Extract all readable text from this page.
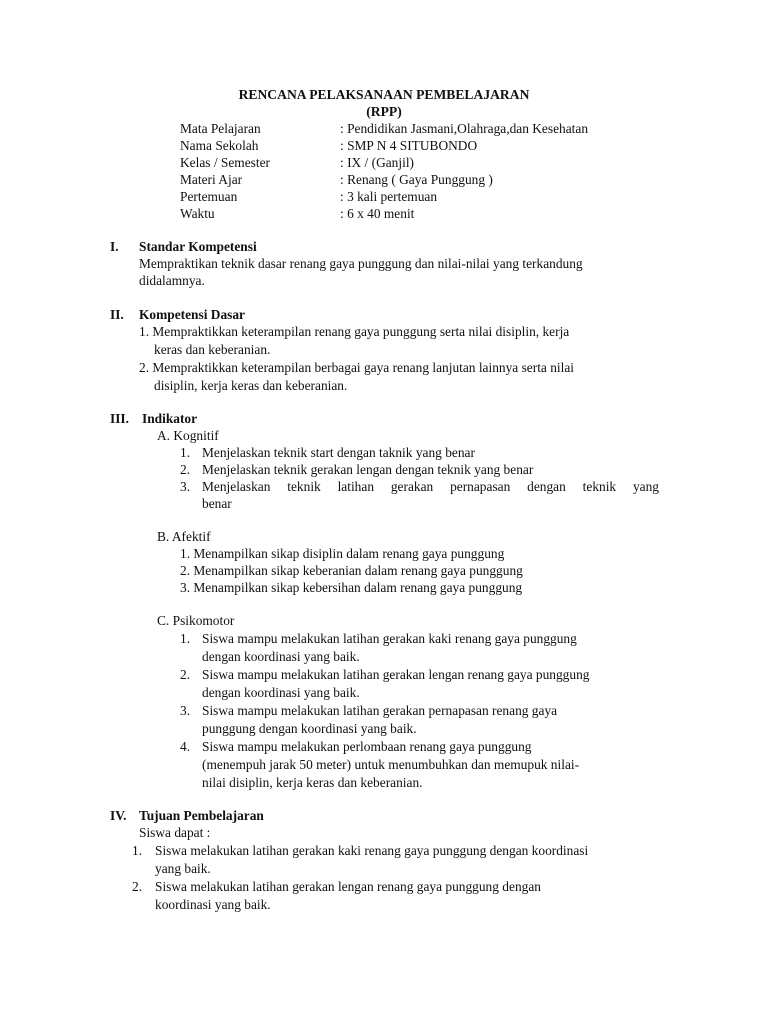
RENCANA PELAKSANAAN PEMBELAJARAN
(RPP)
Mata Pelajaran	: Pendidikan Jasmani,Olahraga,dan Kesehatan
Nama Sekolah	: SMP N 4 SITUBONDO
Kelas / Semester	: IX / (Ganjil)
Materi Ajar	: Renang ( Gaya Punggung )
Pertemuan	: 3 kali pertemuan
Waktu	: 6 x 40 menit
I. Standar Kompetensi
Mempraktikan teknik dasar renang gaya punggung dan nilai-nilai yang terkandung
didalamnya.
II. Kompetensi Dasar
1. Mempraktikkan keterampilan renang gaya punggung serta nilai disiplin, kerja
keras dan keberanian.
2. Mempraktikkan keterampilan berbagai gaya renang lanjutan lainnya serta nilai
disiplin, kerja keras dan keberanian.
III. Indikator
A. Kognitif
1. Menjelaskan teknik start dengan taknik yang benar
2. Menjelaskan teknik gerakan lengan dengan teknik yang benar
3. Menjelaskan teknik latihan gerakan pernapasan dengan teknik yang
benar
B. Afektif
1. Menampilkan sikap disiplin dalam renang gaya punggung
2. Menampilkan sikap keberanian dalam renang gaya punggung
3. Menampilkan sikap kebersihan dalam renang gaya punggung
C. Psikomotor
1. Siswa mampu melakukan latihan gerakan kaki renang gaya punggung
dengan koordinasi yang baik.
2. Siswa mampu melakukan latihan gerakan lengan renang gaya punggung
dengan koordinasi yang baik.
3. Siswa mampu melakukan latihan gerakan pernapasan renang gaya
punggung dengan koordinasi yang baik.
4. Siswa mampu melakukan perlombaan renang gaya punggung
(menempuh jarak 50 meter) untuk menumbuhkan dan memupuk nilai-
nilai disiplin, kerja keras dan keberanian.
IV. Tujuan Pembelajaran
Siswa dapat :
1. Siswa melakukan latihan gerakan kaki renang gaya punggung dengan koordinasi
yang baik.
2. Siswa melakukan latihan gerakan lengan renang gaya punggung dengan
koordinasi yang baik.
